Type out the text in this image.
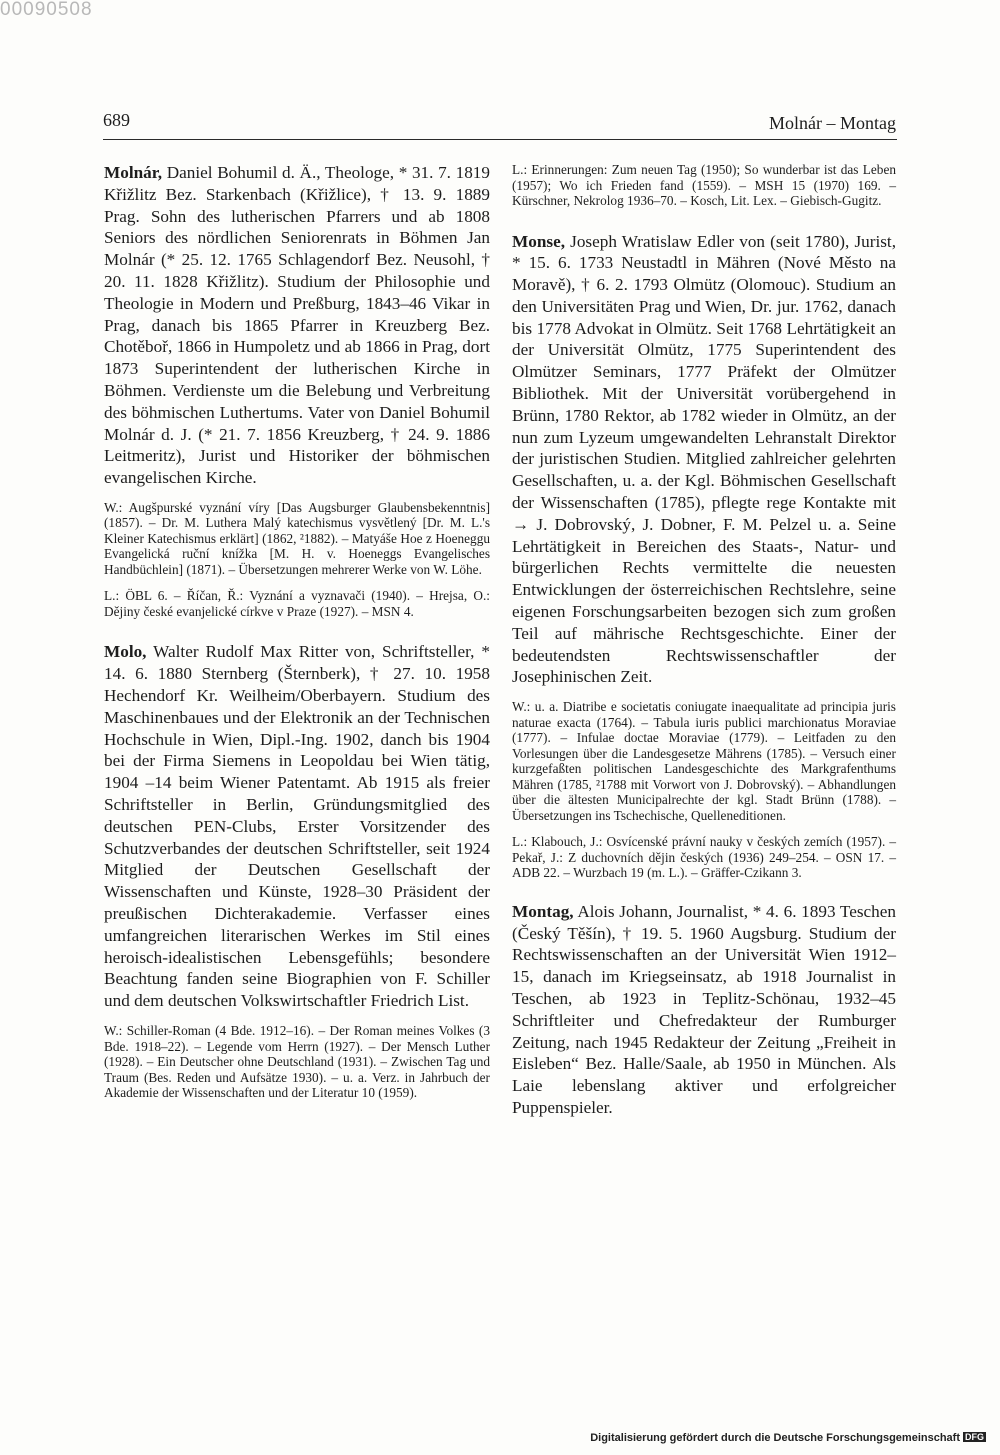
00090508
689	Molnár – Montag

Molnár, Daniel Bohumil d. Ä., Theologe, * 31. 7. 1819 Křižlitz Bez. Starkenbach (Křižlice), † 13. 9. 1889 Prag. Sohn des lutherischen Pfarrers und ab 1808 Seniors des nördlichen Seniorenrats in Böhmen Jan Molnár (* 25. 12. 1765 Schlagendorf Bez. Neusohl, † 20. 11. 1828 Křižlitz). Studium der Philosophie und Theologie in Modern und Preßburg, 1843–46 Vikar in Prag, danach bis 1865 Pfarrer in Kreuzberg Bez. Chotěboř, 1866 in Humpoletz und ab 1866 in Prag, dort 1873 Superintendent der lutherischen Kirche in Böhmen. Verdienste um die Belebung und Verbreitung des böhmischen Luthertums. Vater von Daniel Bohumil Molnár d. J. (* 21. 7. 1856 Kreuzberg, † 24. 9. 1886 Leitmeritz), Jurist und Historiker der böhmischen evangelischen Kirche.

W.: Augšpurské vyznání víry [Das Augsburger Glaubensbekenntnis] (1857). – Dr. M. Luthera Malý katechismus vysvětlený [Dr. M. L.'s Kleiner Katechismus erklärt] (1862, ²1882). – Matyáše Hoe z Hoeneggu Evangelická ruční knížka [M. H. v. Hoeneggs Evangelisches Handbüchlein] (1871). – Übersetzungen mehrerer Werke von W. Löhe.

L.: ÖBL 6. – Říčan, Ř.: Vyznání a vyznavači (1940). – Hrejsa, O.: Dějiny české evanjelické církve v Praze (1927). – MSN 4.

Molo, Walter Rudolf Max Ritter von, Schriftsteller, * 14. 6. 1880 Sternberg (Šternberk), † 27. 10. 1958 Hechendorf Kr. Weilheim/Oberbayern. Studium des Maschinenbaues und der Elektronik an der Technischen Hochschule in Wien, Dipl.-Ing. 1902, danch bis 1904 bei der Firma Siemens in Leopoldau bei Wien tätig, 1904 –14 beim Wiener Patentamt. Ab 1915 als freier Schriftsteller in Berlin, Gründungsmitglied des deutschen PEN-Clubs, Erster Vorsitzender des Schutzverbandes der deutschen Schriftsteller, seit 1924 Mitglied der Deutschen Gesellschaft der Wissenschaften und Künste, 1928–30 Präsident der preußischen Dichterakademie. Verfasser eines umfangreichen literarischen Werkes im Stil eines heroisch-idealistischen Lebensgefühls; besondere Beachtung fanden seine Biographien von F. Schiller und dem deutschen Volkswirtschaftler Friedrich List.

W.: Schiller-Roman (4 Bde. 1912–16). – Der Roman meines Volkes (3 Bde. 1918–22). – Legende vom Herrn (1927). – Der Mensch Luther (1928). – Ein Deutscher ohne Deutschland (1931). – Zwischen Tag und Traum (Bes. Reden und Aufsätze 1930). – u. a. Verz. in Jahrbuch der Akademie der Wissenschaften und der Literatur 10 (1959).

L.: Erinnerungen: Zum neuen Tag (1950); So wunderbar ist das Leben (1957); Wo ich Frieden fand (1559). – MSH 15 (1970) 169. – Kürschner, Nekrolog 1936–70. – Kosch, Lit. Lex. – Giebisch-Gugitz.

Monse, Joseph Wratislaw Edler von (seit 1780), Jurist, * 15. 6. 1733 Neustadtl in Mähren (Nové Město na Moravě), † 6. 2. 1793 Olmütz (Olomouc). Studium an den Universitäten Prag und Wien, Dr. jur. 1762, danach bis 1778 Advokat in Olmütz. Seit 1768 Lehrtätigkeit an der Universität Olmütz, 1775 Superintendent des Olmützer Seminars, 1777 Präfekt der Olmützer Bibliothek. Mit der Universität vorübergehend in Brünn, 1780 Rektor, ab 1782 wieder in Olmütz, an der nun zum Lyzeum umgewandelten Lehranstalt Direktor der juristischen Studien. Mitglied zahlreicher gelehrten Gesellschaften, u. a. der Kgl. Böhmischen Gesellschaft der Wissenschaften (1785), pflegte rege Kontakte mit → J. Dobrovský, J. Dobner, F. M. Pelzel u. a. Seine Lehrtätigkeit in Bereichen des Staats-, Natur- und bürgerlichen Rechts vermittelte die neuesten Entwicklungen der österreichischen Rechtslehre, seine eigenen Forschungsarbeiten bezogen sich zum großen Teil auf mährische Rechtsgeschichte. Einer der bedeutendsten Rechtswissenschaftler der Josephinischen Zeit.

W.: u. a. Diatribe e societatis coniugate inaequalitate ad principia juris naturae exacta (1764). – Tabula iuris publici marchionatus Moraviae (1777). – Infulae doctae Moraviae (1779). – Leitfaden zu den Vorlesungen über die Landesgesetze Mährens (1785). – Versuch einer kurzgefaßten politischen Landesgeschichte des Markgrafenthums Mähren (1785, ²1788 mit Vorwort von J. Dobrovský). – Abhandlungen über die ältesten Municipalrechte der kgl. Stadt Brünn (1788). – Übersetzungen ins Tschechische, Quelleneditionen.

L.: Klabouch, J.: Osvícenské právní nauky v českých zemích (1957). – Pekař, J.: Z duchovních dějin českých (1936) 249–254. – OSN 17. – ADB 22. – Wurzbach 19 (m. L.). – Gräffer-Czikann 3.

Montag, Alois Johann, Journalist, * 4. 6. 1893 Teschen (Český Těšín), † 19. 5. 1960 Augsburg. Studium der Rechtswissenschaften an der Universität Wien 1912–15, danach im Kriegseinsatz, ab 1918 Journalist in Teschen, ab 1923 in Teplitz-Schönau, 1932–45 Schriftleiter und Chefredakteur der Rumburger Zeitung, nach 1945 Redakteur der Zeitung „Freiheit in Eisleben“ Bez. Halle/Saale, ab 1950 in München. Als Laie lebenslang aktiver und erfolgreicher Puppenspieler.

Digitalisierung gefördert durch die Deutsche Forschungsgemeinschaft DFG
